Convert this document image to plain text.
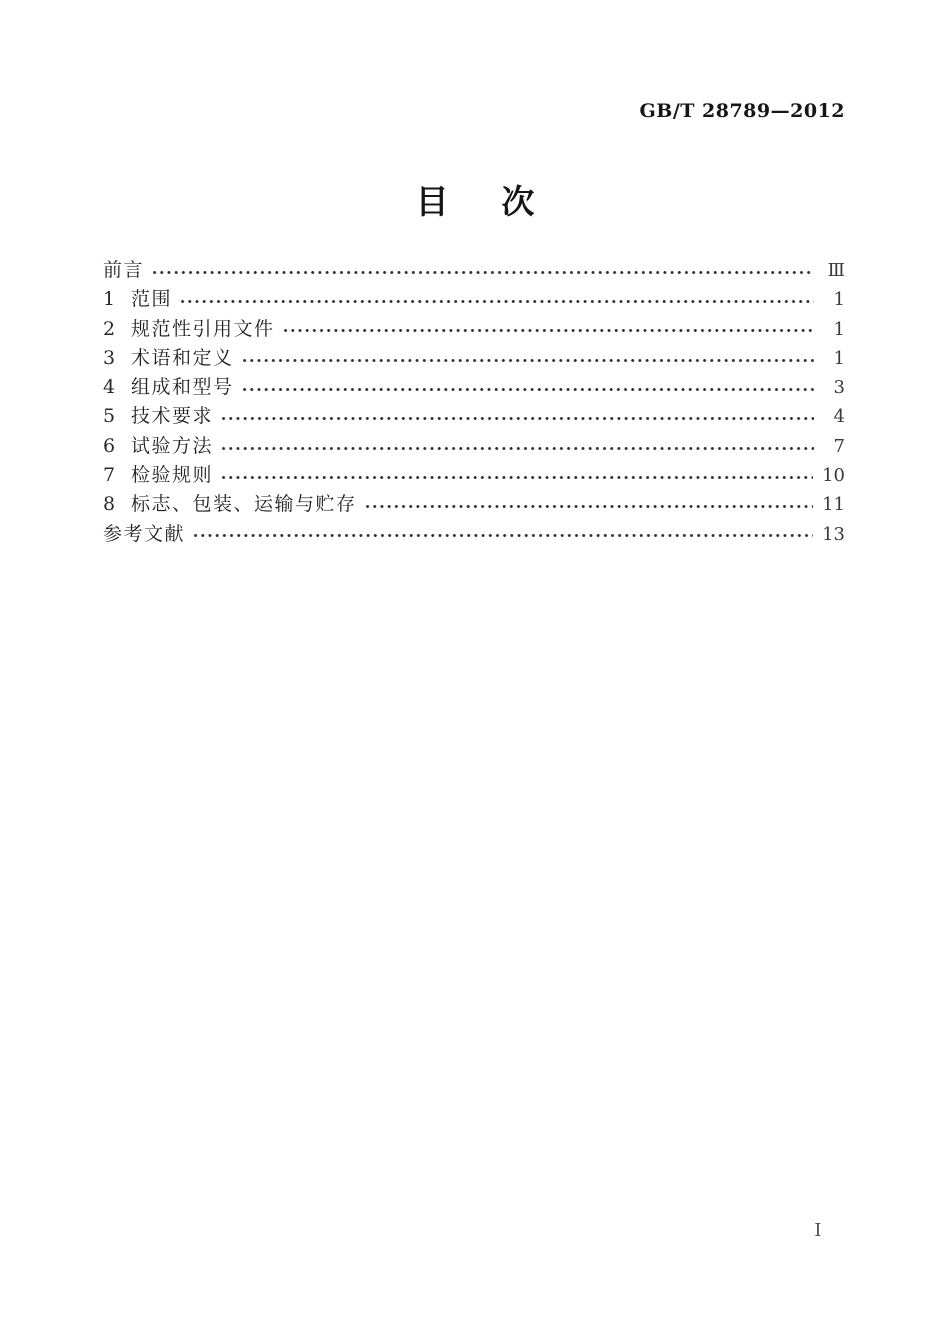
GB/T 28789—2012
目　次
前言	Ⅲ
1 范围	1
2 规范性引用文件	1
3 术语和定义	1
4 组成和型号	3
5 技术要求	4
6 试验方法	7
7 检验规则	10
8 标志、包装、运输与贮存	11
参考文献	13
Ⅰ
